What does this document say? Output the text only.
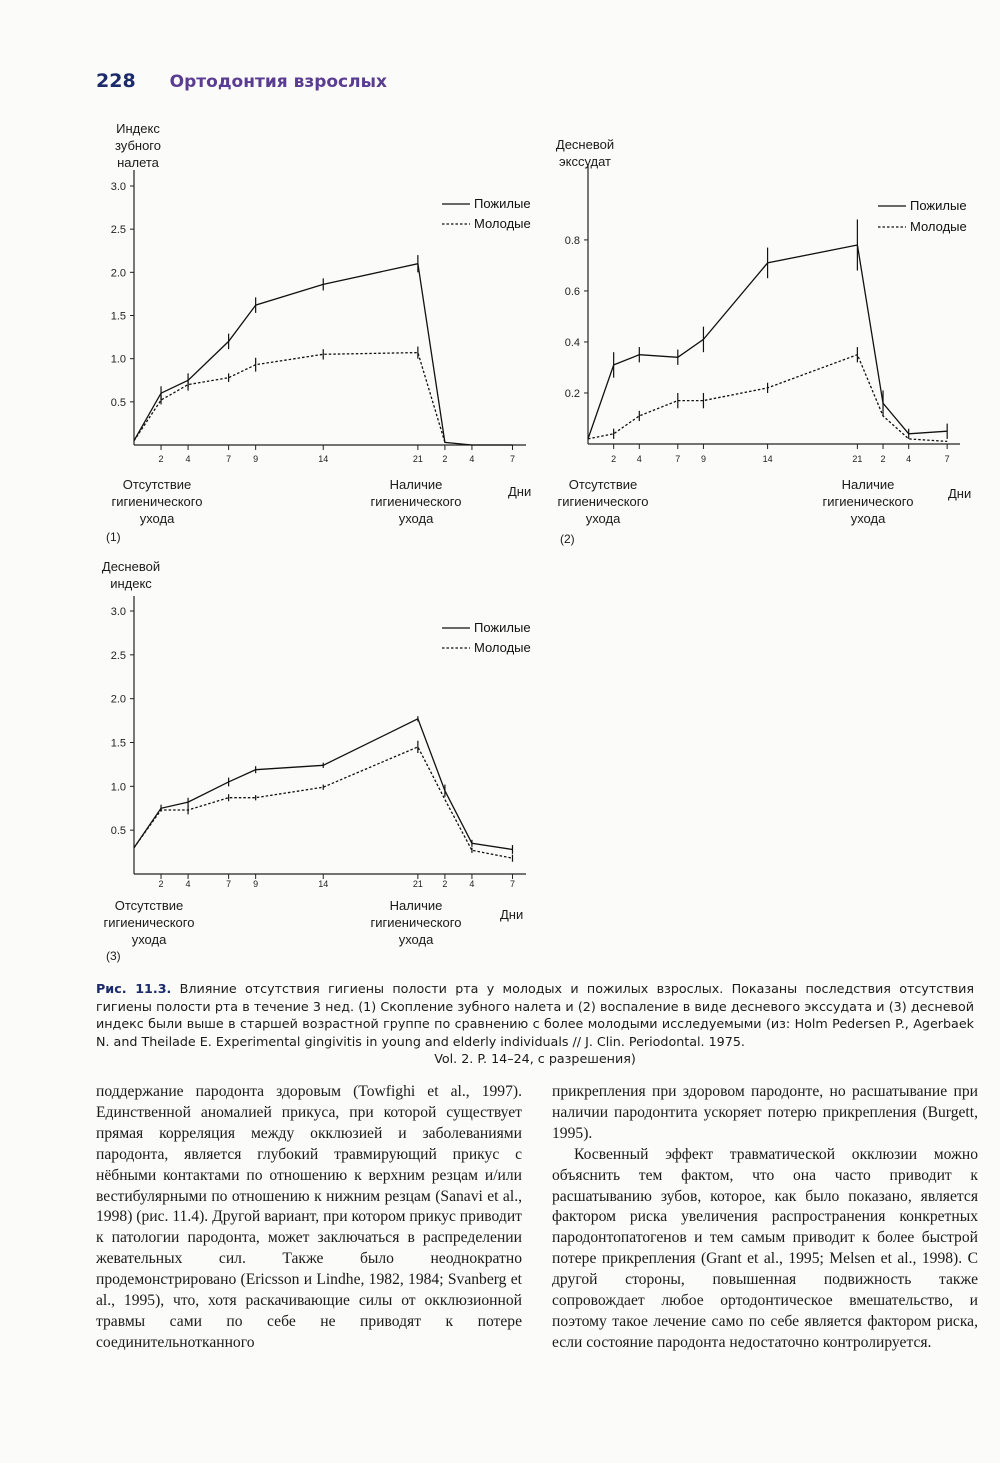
228 Ортодонтия взрослых
Индекс
зубного
налета
3.0
2.5
2.0
1.5
1.0
0.5
2 4	7 9	14	21 2 4	7
Пожилые
Молодые
Отсутствие
гигиенического
ухода
Наличие
гигиенического
ухода
Дни
(1)
Десневой
экссудат
0.8
0.6
0.4
0.2
2 4	7 9	14	21 2 4	7
Пожилые
Молодые
Отсутствие
гигиенического
ухода
Наличие
гигиенического
ухода
Дни
(2)
Десневой
индекс
3.0
2.5
2.0
1.5
1.0
0.5
2 4	7 9	14	21 2 4	7
Пожилые
Молодые
Отсутствие
гигиенического
ухода
Наличие
гигиенического
ухода
Дни
(3)
Рис. 11.3. Влияние отсутствия гигиены полости рта у молодых и пожилых взрослых. Показаны последствия отсутствия гигиены полости рта в течение 3 нед. (1) Скопление зубного налета и (2) воспаление в виде десневого экссудата и (3) десневой индекс были выше в старшей возрастной группе по сравнению с более молодыми исследуемыми (из: Holm Pedersen P., Agerbaek N. and Theilade E. Experimental gingivitis in young and elderly individuals // J. Clin. Periodontal. 1975.
Vol. 2. P. 14–24, с разрешения)

поддержание пародонта здоровым (Towfighi et al., 1997). Единственной аномалией прикуса, при которой существует прямая корреляция между окклюзией и заболеваниями пародонта, является глубокий травмирующий прикус с нёбными контактами по отношению к верхним резцам и/или вестибулярными по отношению к нижним резцам (Sanavi et al., 1998) (рис. 11.4). Другой вариант, при котором прикус приводит к патологии пародонта, может заключаться в распределении жевательных сил. Также было неоднократно продемонстрировано (Ericsson и Lindhe, 1982, 1984; Svanberg et al., 1995), что, хотя раскачивающие силы от окклюзионной травмы сами по себе не приводят к потере соединительнотканного

прикрепления при здоровом пародонте, но расшатывание при наличии пародонтита ускоряет потерю прикрепления (Burgett, 1995).

Косвенный эффект травматической окклюзии можно объяснить тем фактом, что она часто приводит к расшатыванию зубов, которое, как было показано, является фактором риска увеличения распространения конкретных пародонтопатогенов и тем самым приводит к более быстрой потере прикрепления (Grant et al., 1995; Melsen et al., 1998). С другой стороны, повышенная подвижность также сопровождает любое ортодонтическое вмешательство, и поэтому такое лечение само по себе является фактором риска, если состояние пародонта недостаточно контролируется.
